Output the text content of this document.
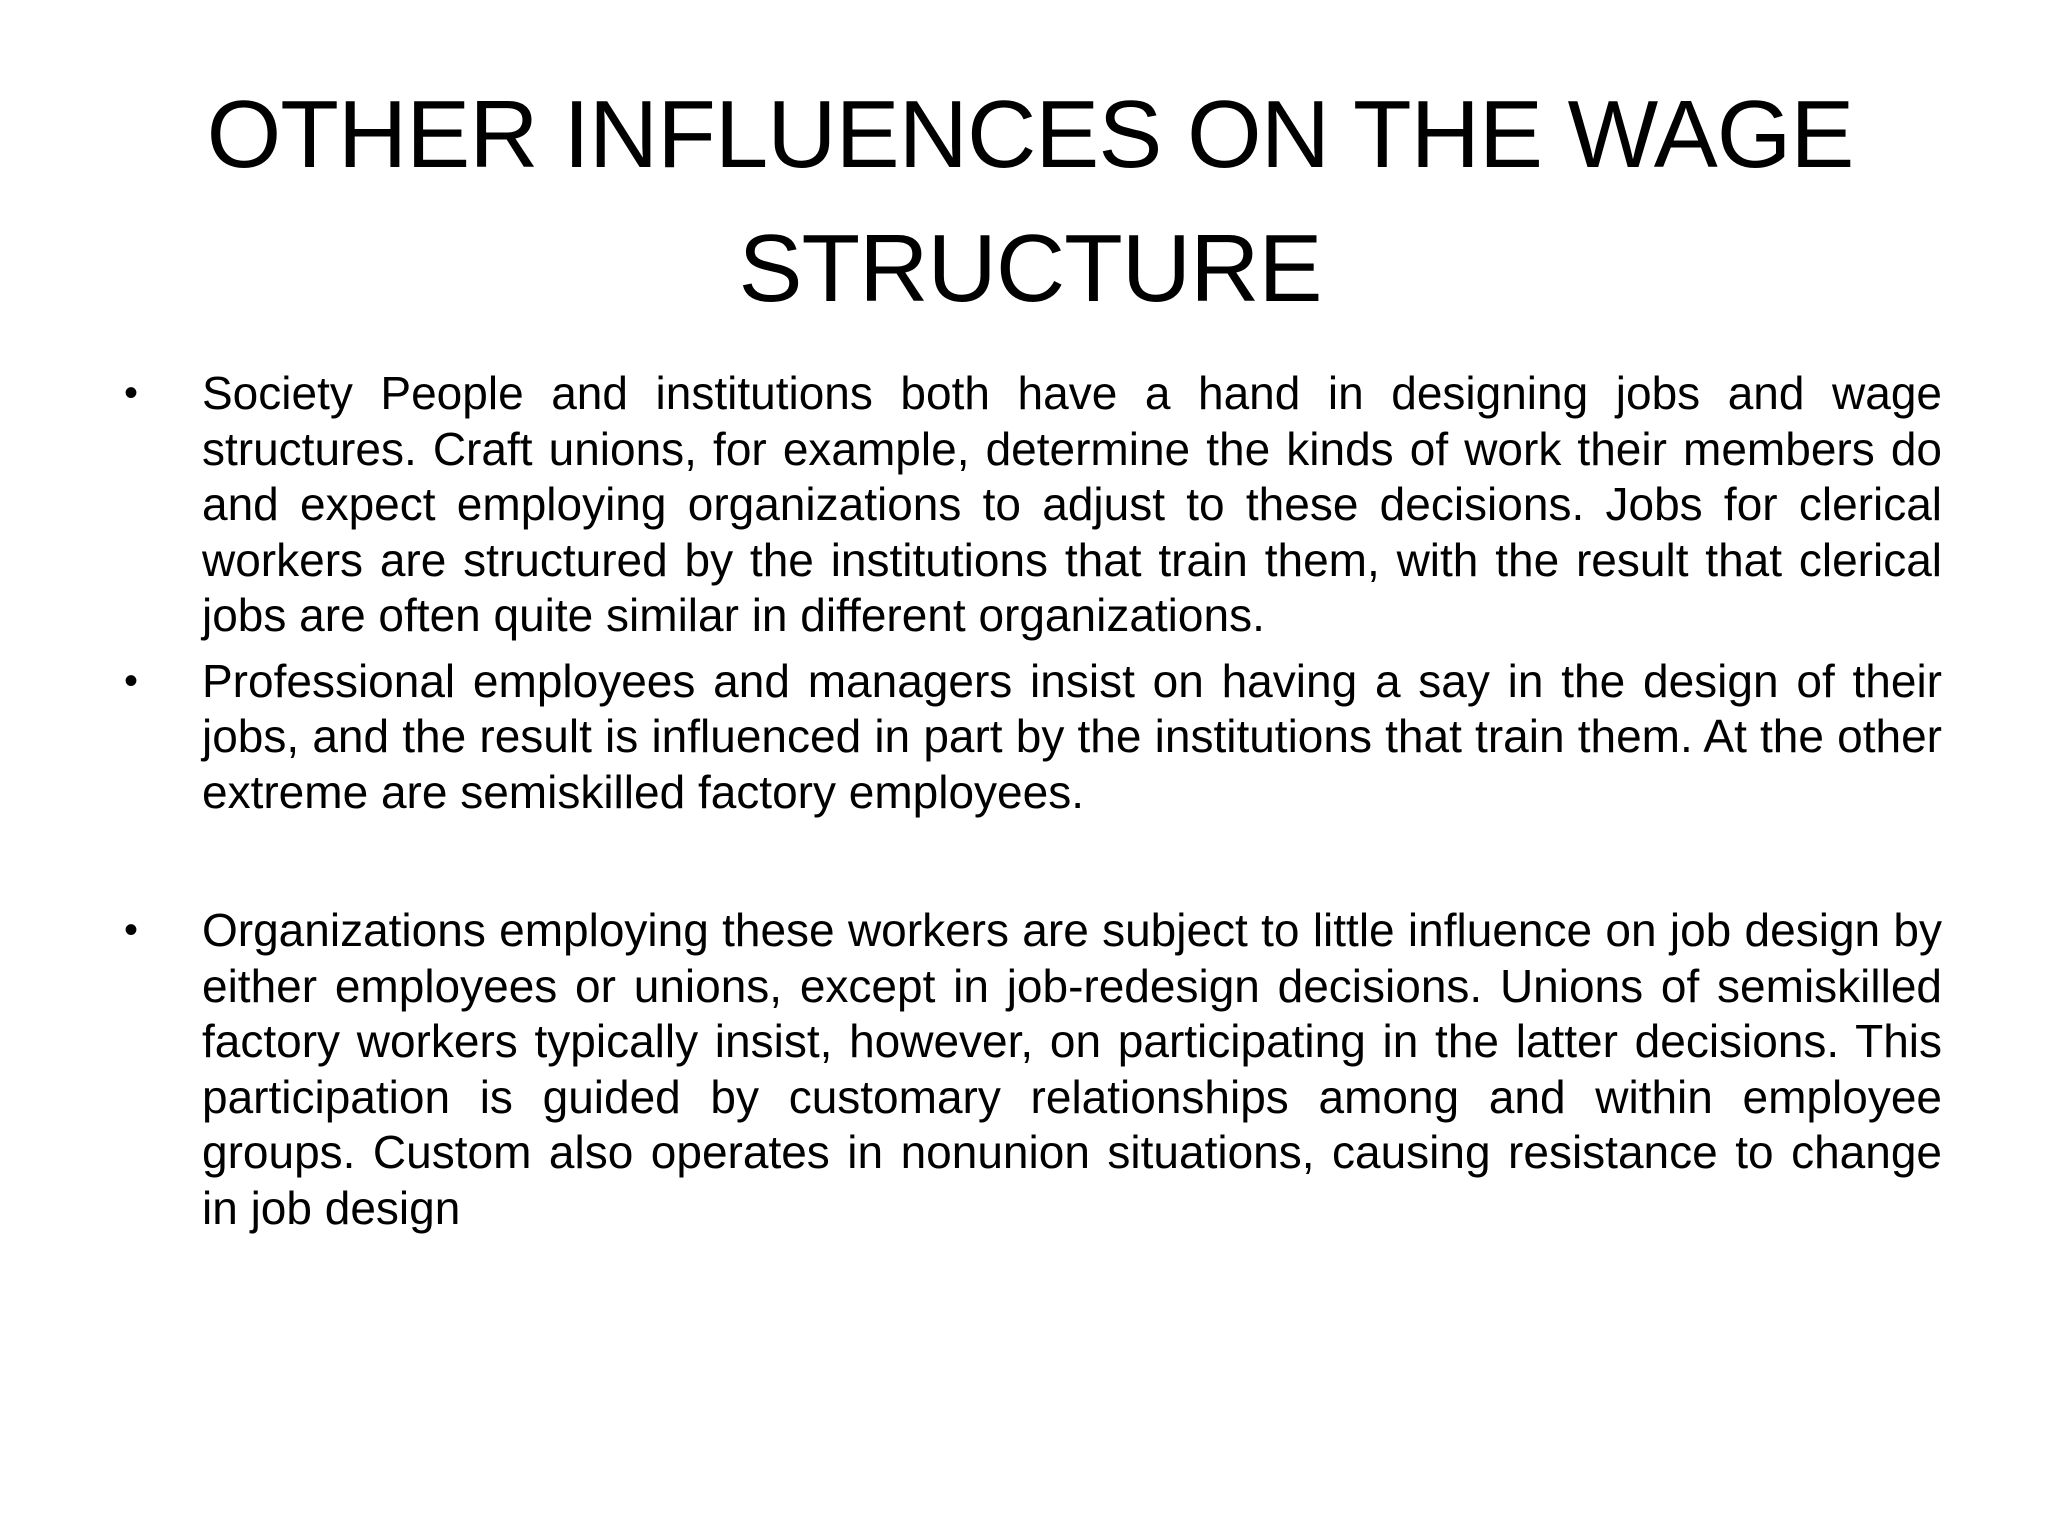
OTHER INFLUENCES ON THE WAGE STRUCTURE
• Society People and institutions both have a hand in designing jobs and wage structures. Craft unions, for example, determine the kinds of work their members do and expect employing organizations to adjust to these decisions. Jobs for clerical workers are structured by the institutions that train them, with the result that clerical jobs are often quite similar in different organizations.
• Professional employees and managers insist on having a say in the design of their jobs, and the result is influenced in part by the institutions that train them. At the other extreme are semiskilled factory employees.
• Organizations employing these workers are subject to little influence on job design by either employees or unions, except in job-redesign decisions. Unions of semiskilled factory workers typically insist, however, on participating in the latter decisions. This participation is guided by customary relationships among and within employee groups. Custom also operates in nonunion situations, causing resistance to change in job design
